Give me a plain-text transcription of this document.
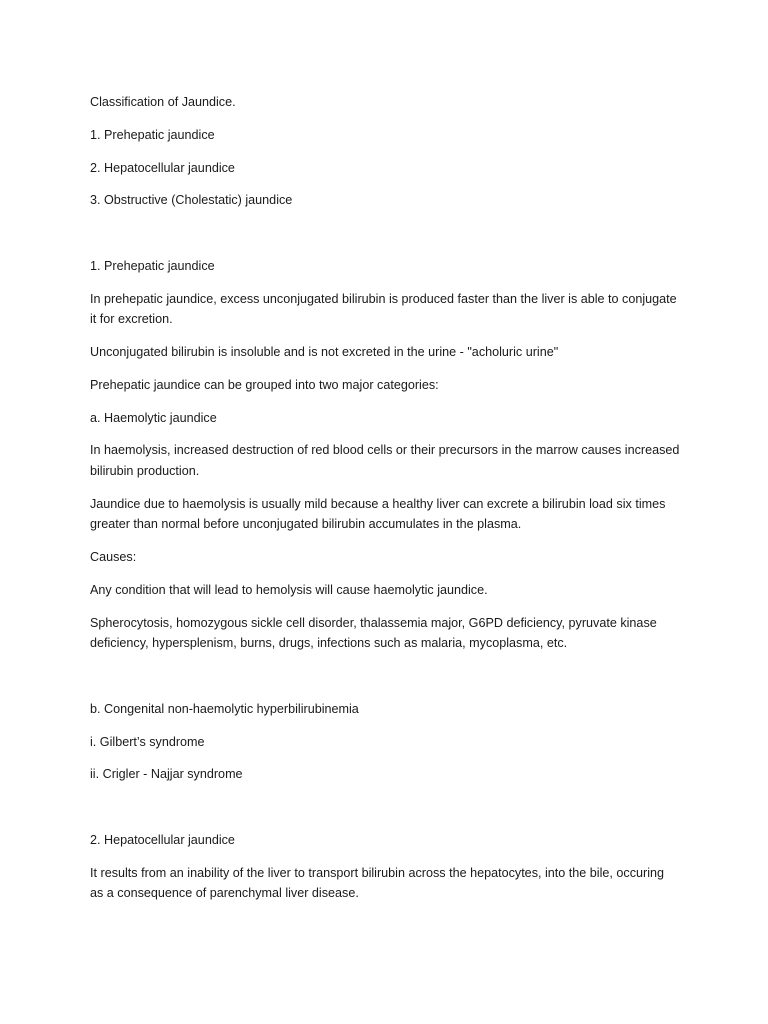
Classification of Jaundice.

1. Prehepatic jaundice

2. Hepatocellular jaundice

3. Obstructive (Cholestatic) jaundice

1. Prehepatic jaundice

In prehepatic jaundice, excess unconjugated bilirubin is produced faster than the liver is able to conjugate it for excretion.

Unconjugated bilirubin is insoluble and is not excreted in the urine - "acholuric urine"

Prehepatic jaundice can be grouped into two major categories:

a. Haemolytic jaundice

In haemolysis, increased destruction of red blood cells or their precursors in the marrow causes increased bilirubin production.

Jaundice due to haemolysis is usually mild because a healthy liver can excrete a bilirubin load six times greater than normal before unconjugated bilirubin accumulates in the plasma.

Causes:

Any condition that will lead to hemolysis will cause haemolytic jaundice.

Spherocytosis, homozygous sickle cell disorder, thalassemia major, G6PD deficiency, pyruvate kinase deficiency, hypersplenism, burns, drugs, infections such as malaria, mycoplasma, etc.

b. Congenital non-haemolytic hyperbilirubinemia

i. Gilbert’s syndrome

ii. Crigler - Najjar syndrome

2. Hepatocellular jaundice

It results from an inability of the liver to transport bilirubin across the hepatocytes, into the bile, occuring as a consequence of parenchymal liver disease.
